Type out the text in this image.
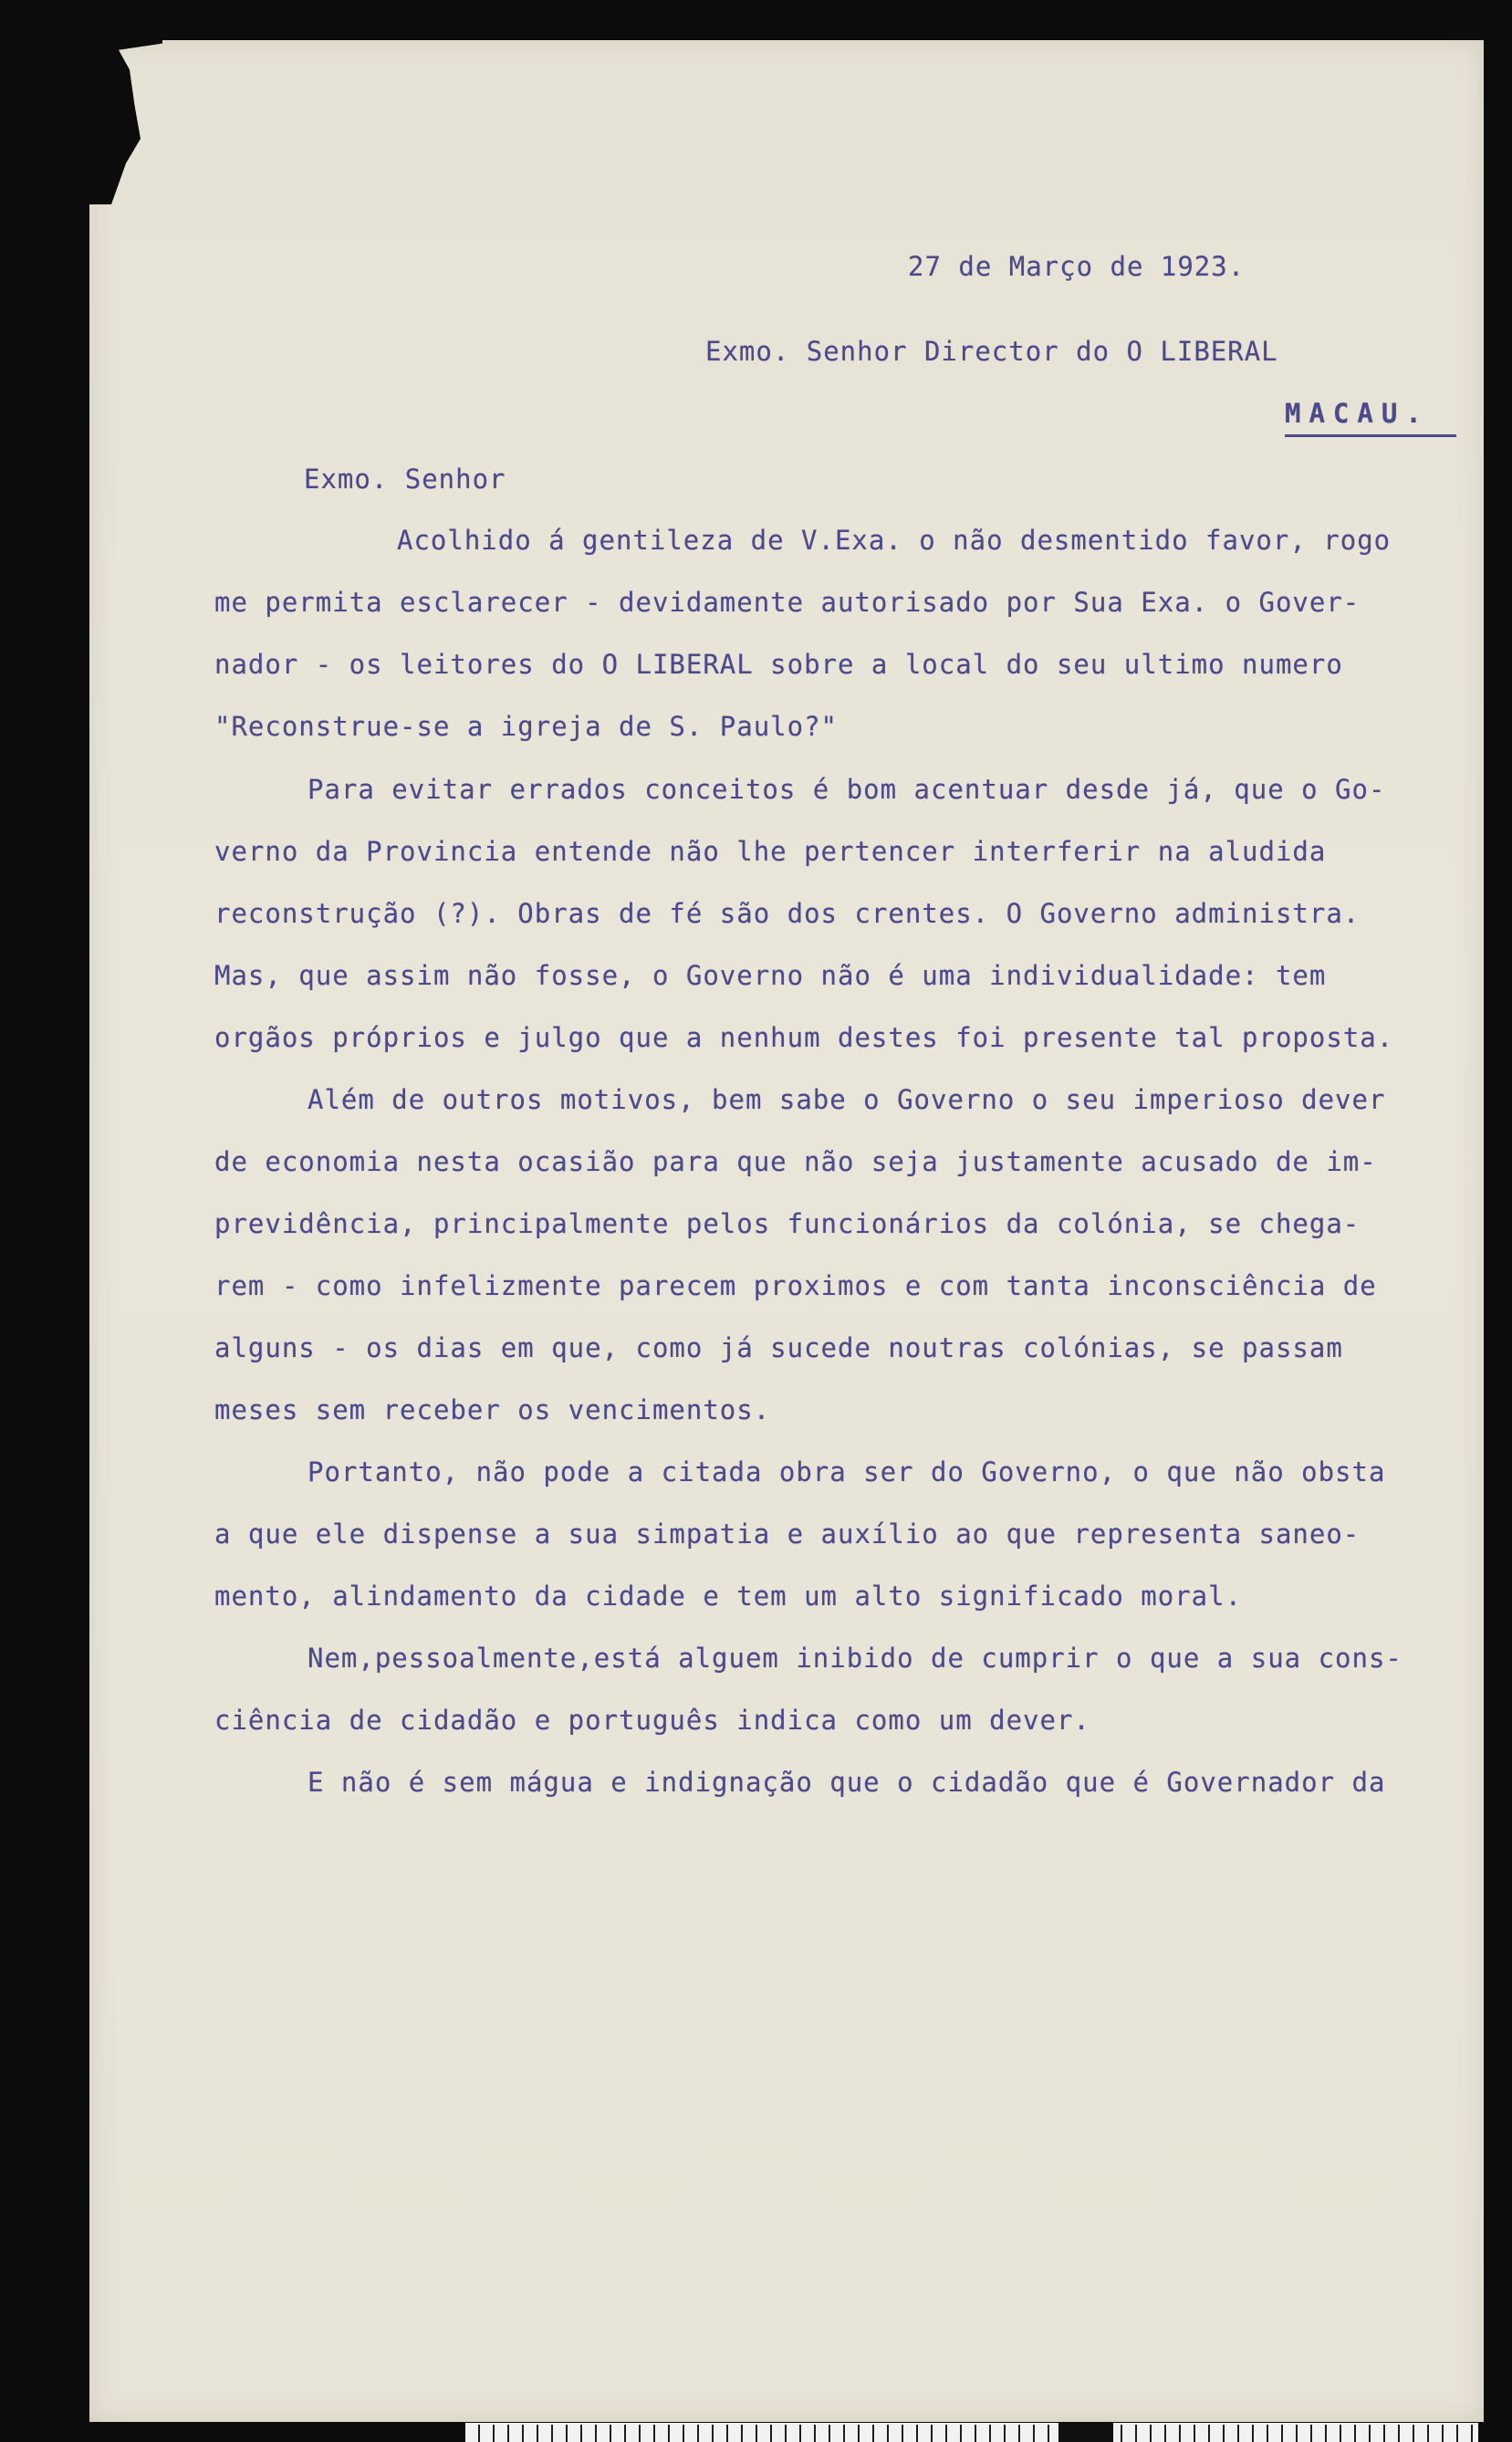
27 de Março de 1923.
Exmo. Senhor Director do O LIBERAL
MACAU.
Exmo. Senhor
Acolhido á gentileza de V.Exa. o não desmentido favor, rogo
me permita esclarecer - devidamente autorisado por Sua Exa. o Gover-
nador - os leitores do O LIBERAL sobre a local do seu ultimo numero
"Reconstrue-se a igreja de S. Paulo?"
Para evitar errados conceitos é bom acentuar desde já, que o Go-
verno da Provincia entende não lhe pertencer interferir na aludida
reconstrução (?). Obras de fé são dos crentes. O Governo administra.
Mas, que assim não fosse, o Governo não é uma individualidade: tem
orgãos próprios e julgo que a nenhum destes foi presente tal proposta.
Além de outros motivos, bem sabe o Governo o seu imperioso dever
de economia nesta ocasião para que não seja justamente acusado de im-
previdência, principalmente pelos funcionários da colónia, se chega-
rem - como infelizmente parecem proximos e com tanta inconsciência de
alguns - os dias em que, como já sucede noutras colónias, se passam
meses sem receber os vencimentos.
Portanto, não pode a citada obra ser do Governo, o que não obsta
a que ele dispense a sua simpatia e auxílio ao que representa saneo-
mento, alindamento da cidade e tem um alto significado moral.
Nem,pessoalmente,está alguem inibido de cumprir o que a sua cons-
ciência de cidadão e português indica como um dever.
E não é sem mágua e indignação que o cidadão que é Governador da
